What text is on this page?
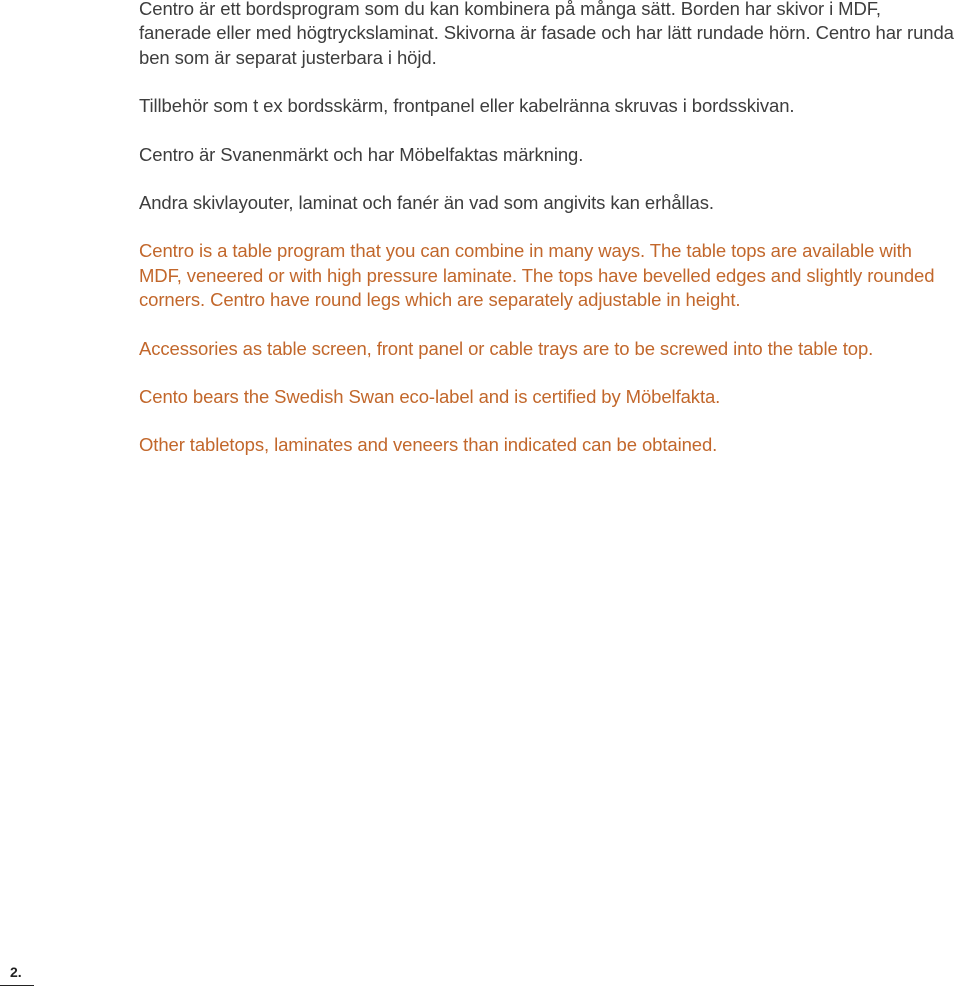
Centro är ett bordsprogram som du kan kombinera på många sätt. Borden har skivor i MDF, fanerade eller med högtryckslaminat. Skivorna är fasade och har lätt rundade hörn. Centro har runda ben som är separat justerbara i höjd.

Tillbehör som t ex bordsskärm, frontpanel eller kabelränna skruvas i bordsskivan.

Centro är Svanenmärkt och har Möbelfaktas märkning.

Andra skivlayouter, laminat och fanér än vad som angivits kan erhållas.

Centro is a table program that you can combine in many ways. The table tops are available with MDF, veneered or with high pressure laminate. The tops have bevelled edges and slightly rounded corners. Centro have round legs which are separately adjustable in height.

Accessories as table screen, front panel or cable trays are to be screwed into the table top.

Cento bears the Swedish Swan eco-label and is certified by Möbelfakta.

Other tabletops, laminates and veneers than indicated can be obtained.

2.
